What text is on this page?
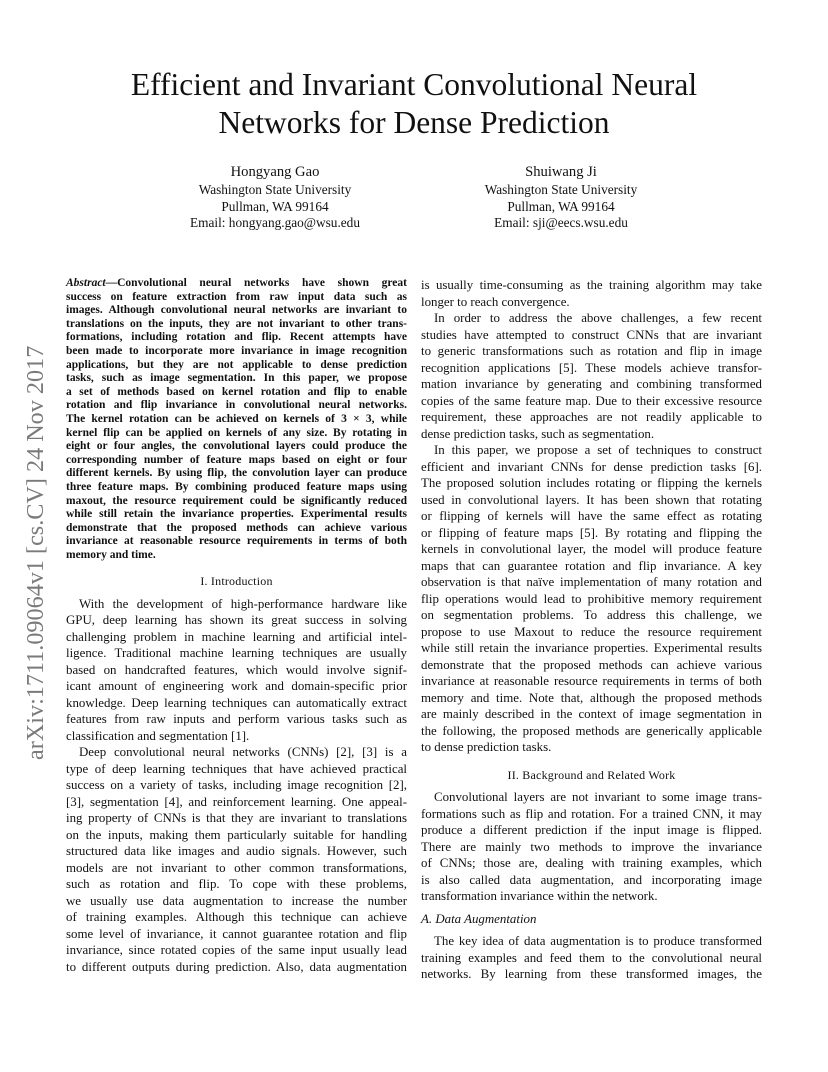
Efficient and Invariant Convolutional Neural
Networks for Dense Prediction
Hongyang Gao
Washington State University
Pullman, WA 99164
Email: hongyang.gao@wsu.edu
Shuiwang Ji
Washington State University
Pullman, WA 99164
Email: sji@eecs.wsu.edu
arXiv:1711.09064v1 [cs.CV] 24 Nov 2017
Abstract—Convolutional neural networks have shown great
success on feature extraction from raw input data such as
images. Although convolutional neural networks are invariant to
translations on the inputs, they are not invariant to other trans-
formations, including rotation and flip. Recent attempts have
been made to incorporate more invariance in image recognition
applications, but they are not applicable to dense prediction
tasks, such as image segmentation. In this paper, we propose
a set of methods based on kernel rotation and flip to enable
rotation and flip invariance in convolutional neural networks.
The kernel rotation can be achieved on kernels of 3 × 3, while
kernel flip can be applied on kernels of any size. By rotating in
eight or four angles, the convolutional layers could produce the
corresponding number of feature maps based on eight or four
different kernels. By using flip, the convolution layer can produce
three feature maps. By combining produced feature maps using
maxout, the resource requirement could be significantly reduced
while still retain the invariance properties. Experimental results
demonstrate that the proposed methods can achieve various
invariance at reasonable resource requirements in terms of both
memory and time.
I. Introduction
With the development of high-performance hardware like
GPU, deep learning has shown its great success in solving
challenging problem in machine learning and artificial intel-
ligence. Traditional machine learning techniques are usually
based on handcrafted features, which would involve signif-
icant amount of engineering work and domain-specific prior
knowledge. Deep learning techniques can automatically extract
features from raw inputs and perform various tasks such as
classification and segmentation [1].
Deep convolutional neural networks (CNNs) [2], [3] is a
type of deep learning techniques that have achieved practical
success on a variety of tasks, including image recognition [2],
[3], segmentation [4], and reinforcement learning. One appeal-
ing property of CNNs is that they are invariant to translations
on the inputs, making them particularly suitable for handling
structured data like images and audio signals. However, such
models are not invariant to other common transformations,
such as rotation and flip. To cope with these problems,
we usually use data augmentation to increase the number
of training examples. Although this technique can achieve
some level of invariance, it cannot guarantee rotation and flip
invariance, since rotated copies of the same input usually lead
to different outputs during prediction. Also, data augmentation
is usually time-consuming as the training algorithm may take
longer to reach convergence.
In order to address the above challenges, a few recent
studies have attempted to construct CNNs that are invariant
to generic transformations such as rotation and flip in image
recognition applications [5]. These models achieve transfor-
mation invariance by generating and combining transformed
copies of the same feature map. Due to their excessive resource
requirement, these approaches are not readily applicable to
dense prediction tasks, such as segmentation.
In this paper, we propose a set of techniques to construct
efficient and invariant CNNs for dense prediction tasks [6].
The proposed solution includes rotating or flipping the kernels
used in convolutional layers. It has been shown that rotating
or flipping of kernels will have the same effect as rotating
or flipping of feature maps [5]. By rotating and flipping the
kernels in convolutional layer, the model will produce feature
maps that can guarantee rotation and flip invariance. A key
observation is that naïve implementation of many rotation and
flip operations would lead to prohibitive memory requirement
on segmentation problems. To address this challenge, we
propose to use Maxout to reduce the resource requirement
while still retain the invariance properties. Experimental results
demonstrate that the proposed methods can achieve various
invariance at reasonable resource requirements in terms of both
memory and time. Note that, although the proposed methods
are mainly described in the context of image segmentation in
the following, the proposed methods are generically applicable
to dense prediction tasks.
II. Background and Related Work
Convolutional layers are not invariant to some image trans-
formations such as flip and rotation. For a trained CNN, it may
produce a different prediction if the input image is flipped.
There are mainly two methods to improve the invariance
of CNNs; those are, dealing with training examples, which
is also called data augmentation, and incorporating image
transformation invariance within the network.
A. Data Augmentation
The key idea of data augmentation is to produce transformed
training examples and feed them to the convolutional neural
networks. By learning from these transformed images, the
